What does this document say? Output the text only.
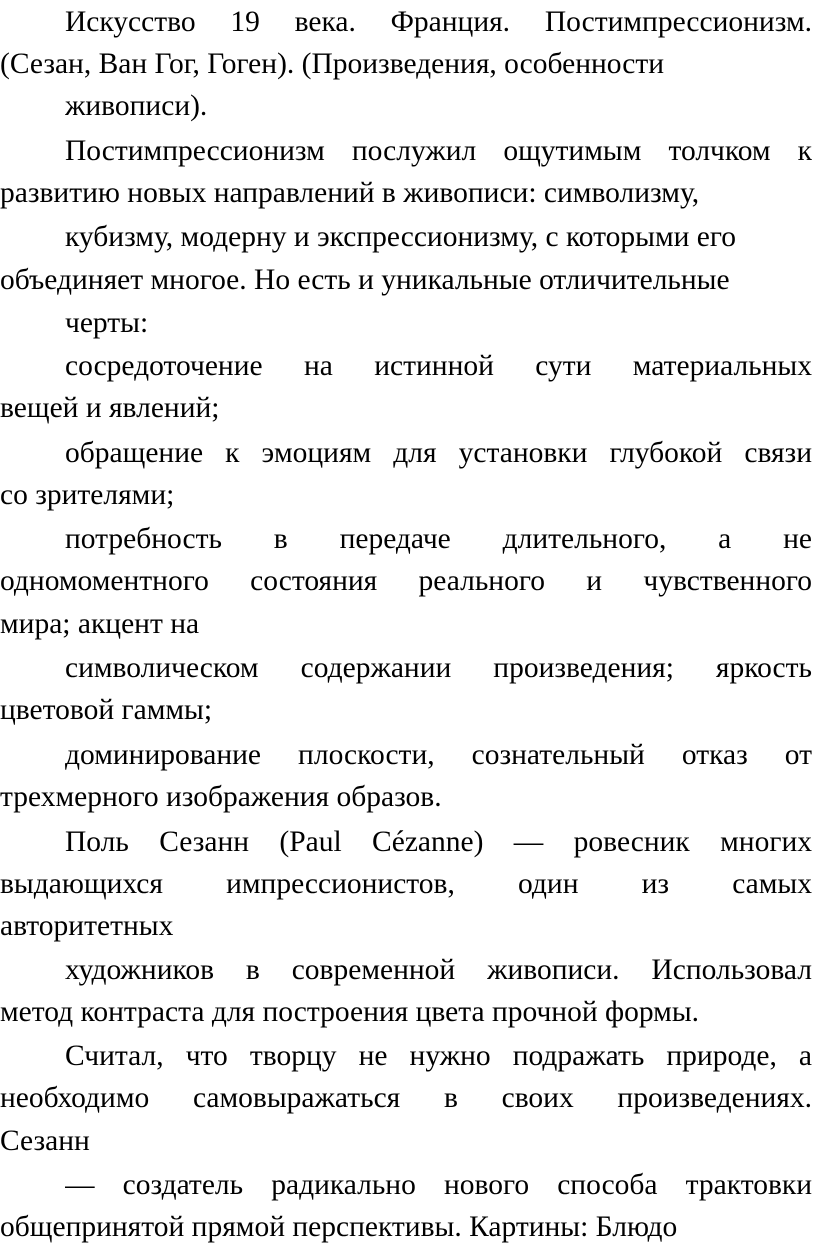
Искусство 19 века. Франция. Постимпрессионизм.
(Сезан, Ван Гог, Гоген). (Произведения, особенности
живописи).
Постимпрессионизм послужил ощутимым толчком к
развитию новых направлений в живописи: символизму,
кубизму, модерну и экспрессионизму, с которыми его
объединяет многое. Но есть и уникальные отличительные
черты:
сосредоточение на истинной сути материальных
вещей и явлений;
обращение к эмоциям для установки глубокой связи
со зрителями;
потребность в передаче длительного, а не
одномоментного состояния реального и чувственного
мира; акцент на
символическом содержании произведения; яркость
цветовой гаммы;
доминирование плоскости, сознательный отказ от
трехмерного изображения образов.
Поль Сезанн (Paul Cézanne) — ровесник многих
выдающихся импрессионистов, один из самых
авторитетных
художников в современной живописи. Использовал
метод контраста для построения цвета прочной формы.
Считал, что творцу не нужно подражать природе, а
необходимо самовыражаться в своих произведениях.
Сезанн
— создатель радикально нового способа трактовки
общепринятой прямой перспективы. Картины: Блюдо
